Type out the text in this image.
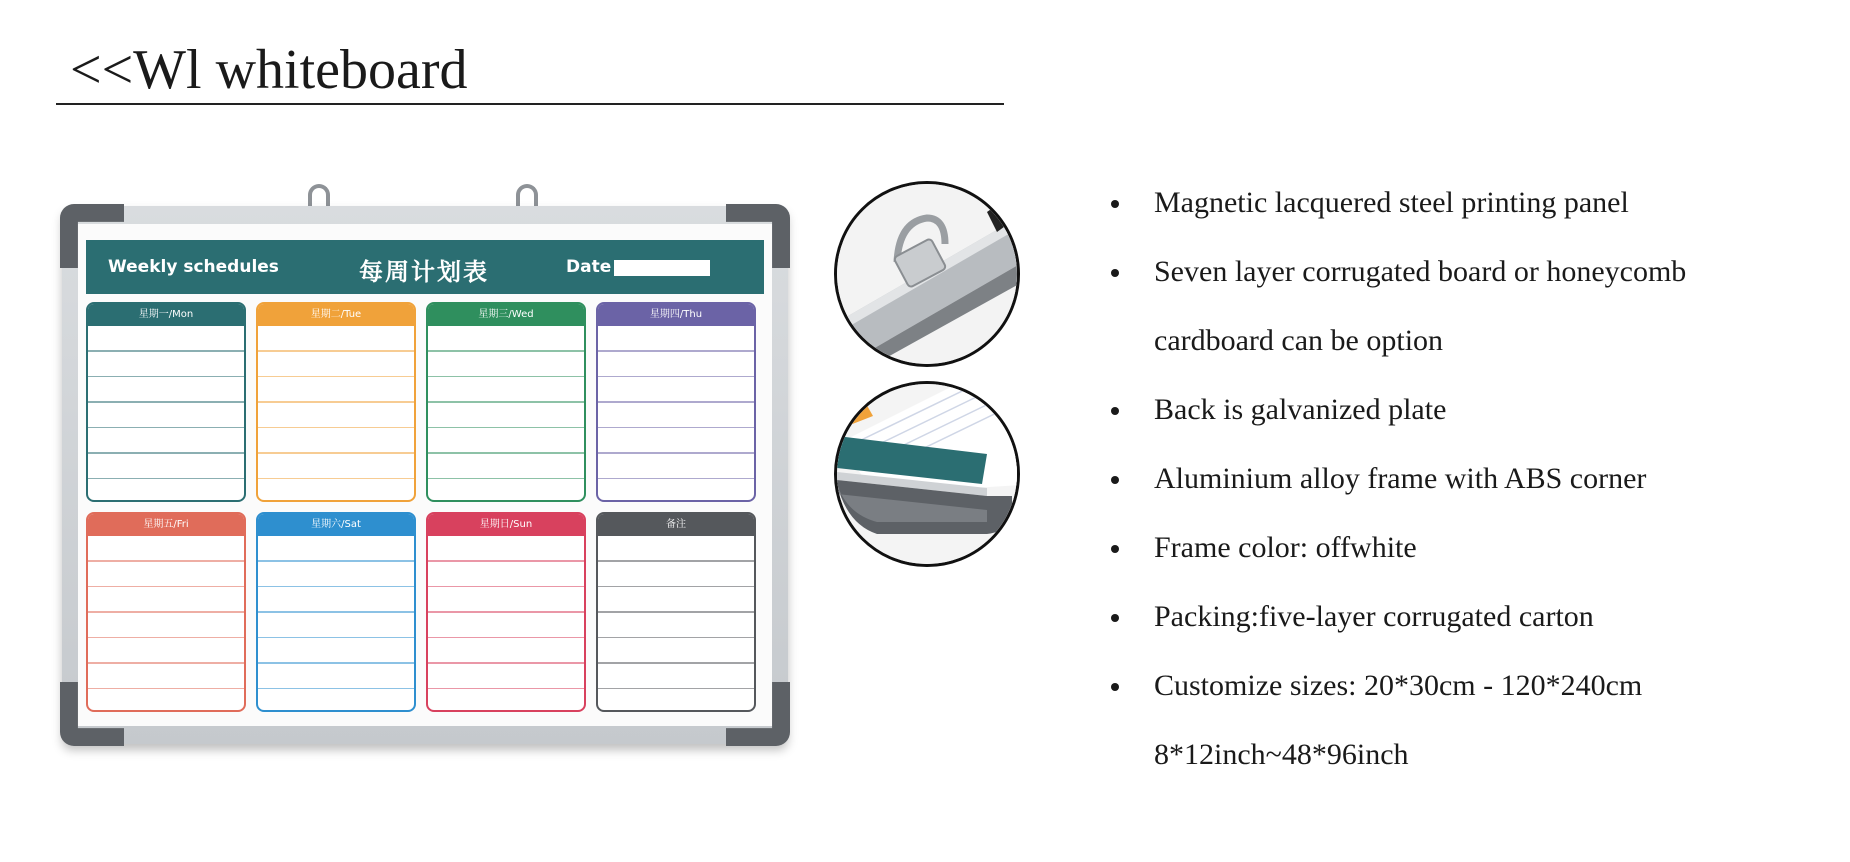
<<Wl whiteboard
Weekly schedules	每周计划表	Date
星期一/Mon	星期二/Tue	星期三/Wed	星期四/Thu
星期五/Fri	星期六/Sat	星期日/Sun	备注
Magnetic lacquered steel printing panel
Seven layer corrugated board or honeycomb
cardboard can be option
Back is galvanized plate
Aluminium alloy frame with ABS corner
Frame color: offwhite
Packing:five-layer corrugated carton
Customize sizes: 20*30cm - 120*240cm
8*12inch~48*96inch
